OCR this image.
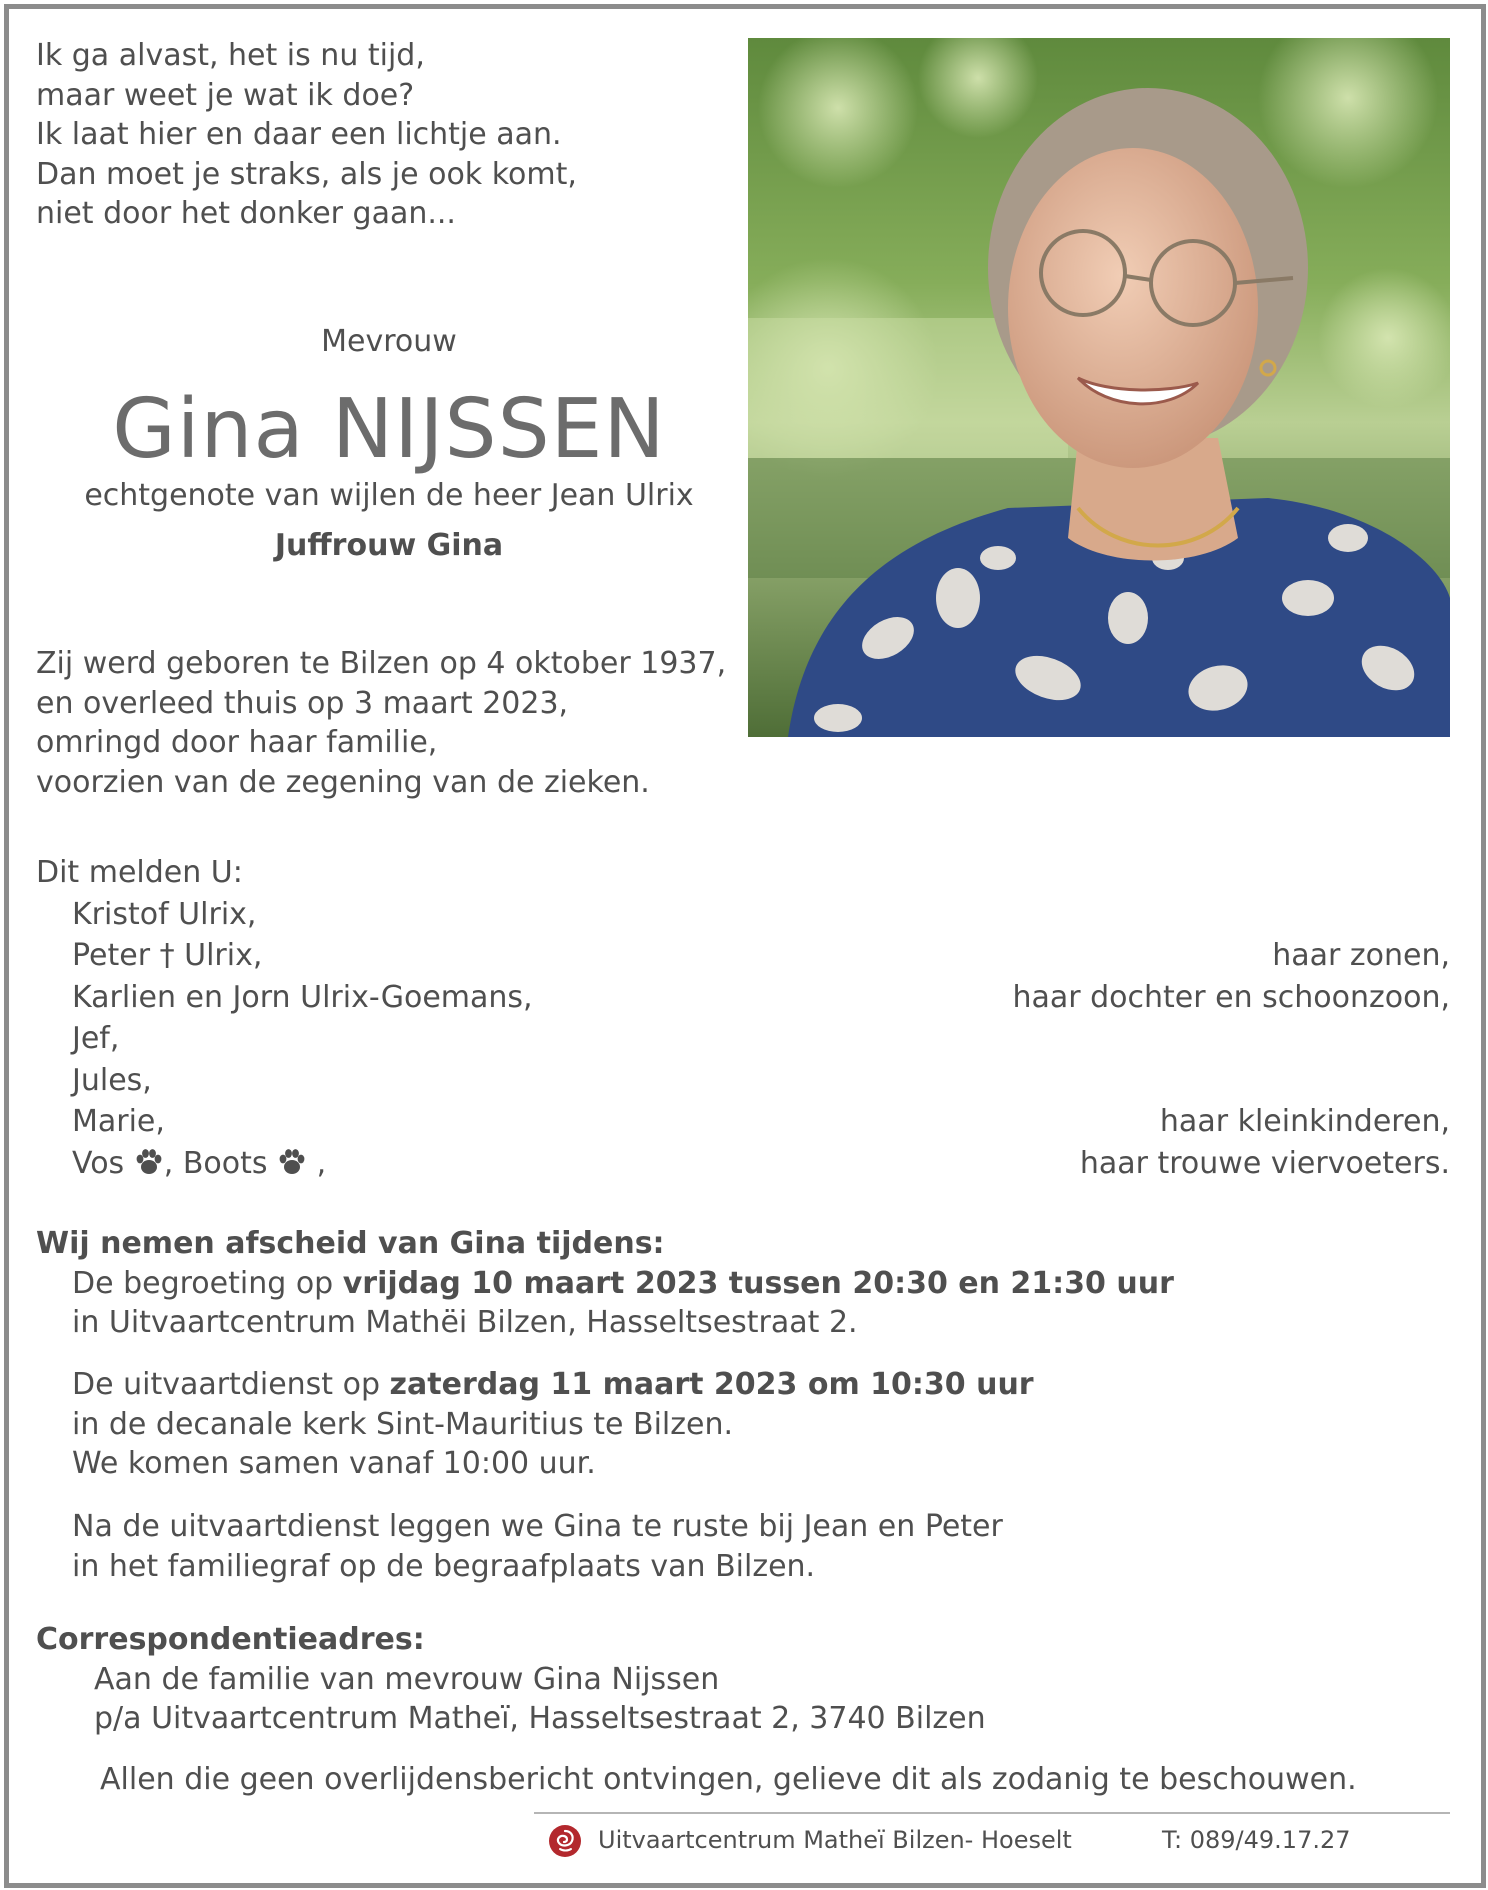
Ik ga alvast, het is nu tijd,
maar weet je wat ik doe?
Ik laat hier en daar een lichtje aan.
Dan moet je straks, als je ook komt,
niet door het donker gaan...
Mevrouw
Gina NIJSSEN
echtgenote van wijlen de heer Jean Ulrix
Juffrouw Gina
Zij werd geboren te Bilzen op 4 oktober 1937,
en overleed thuis op 3 maart 2023,
omringd door haar familie,
voorzien van de zegening van de zieken.
Dit melden U:
Kristof Ulrix,
Peter † Ulrix,	haar zonen,
Karlien en Jorn Ulrix-Goemans,	haar dochter en schoonzoon,
Jef,
Jules,
Marie,	haar kleinkinderen,
Vos , Boots ,	haar trouwe viervoeters.
Wij nemen afscheid van Gina tijdens:
De begroeting op vrijdag 10 maart 2023 tussen 20:30 en 21:30 uur
in Uitvaartcentrum Mathëi Bilzen, Hasseltsestraat 2.
De uitvaartdienst op zaterdag 11 maart 2023 om 10:30 uur
in de decanale kerk Sint-Mauritius te Bilzen.
We komen samen vanaf 10:00 uur.
Na de uitvaartdienst leggen we Gina te ruste bij Jean en Peter
in het familiegraf op de begraafplaats van Bilzen.
Correspondentieadres:
Aan de familie van mevrouw Gina Nijssen
p/a Uitvaartcentrum Matheï, Hasseltsestraat 2, 3740 Bilzen
Allen die geen overlijdensbericht ontvingen, gelieve dit als zodanig te beschouwen.
Uitvaartcentrum Matheï Bilzen- Hoeselt	T: 089/49.17.27
